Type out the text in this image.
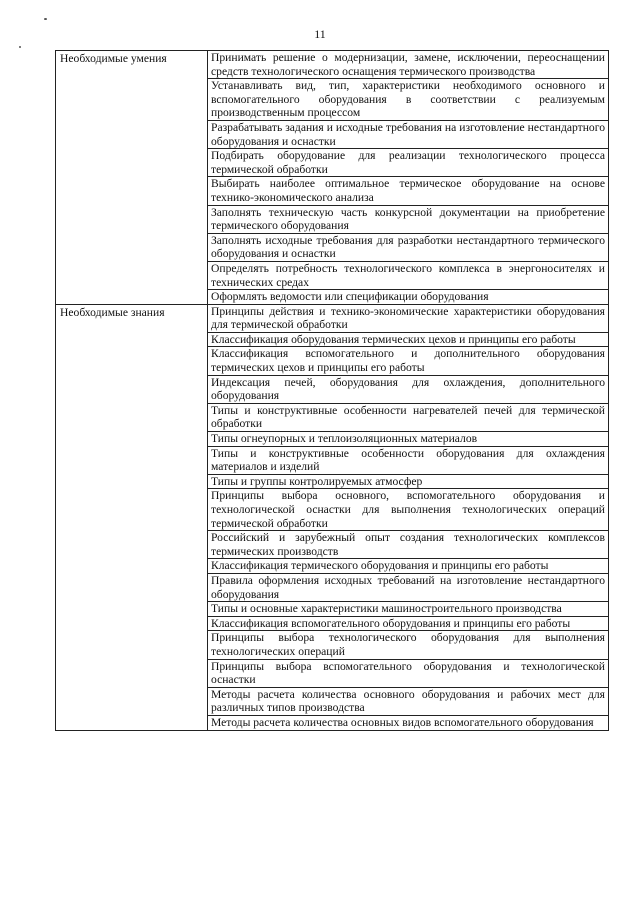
11
Необходимые умения	Принимать решение о модернизации, замене, исключении, переоснащении средств технологического оснащения термического производства
	Устанавливать вид, тип, характеристики необходимого основного и вспомогательного оборудования в соответствии с реализуемым производственным процессом
	Разрабатывать задания и исходные требования на изготовление нестандартного оборудования и оснастки
	Подбирать оборудование для реализации технологического процесса термической обработки
	Выбирать наиболее оптимальное термическое оборудование на основе технико-экономического анализа
	Заполнять техническую часть конкурсной документации на приобретение термического оборудования
	Заполнять исходные требования для разработки нестандартного термического оборудования и оснастки
	Определять потребность технологического комплекса в энергоносителях и технических средах
	Оформлять ведомости или спецификации оборудования
Необходимые знания	Принципы действия и технико-экономические характеристики оборудования для термической обработки
	Классификация оборудования термических цехов и принципы его работы
	Классификация вспомогательного и дополнительного оборудования термических цехов и принципы его работы
	Индексация печей, оборудования для охлаждения, дополнительного оборудования
	Типы и конструктивные особенности нагревателей печей для термической обработки
	Типы огнеупорных и теплоизоляционных материалов
	Типы и конструктивные особенности оборудования для охлаждения материалов и изделий
	Типы и группы контролируемых атмосфер
	Принципы выбора основного, вспомогательного оборудования и технологической оснастки для выполнения технологических операций термической обработки
	Российский и зарубежный опыт создания технологических комплексов термических производств
	Классификация термического оборудования и принципы его работы
	Правила оформления исходных требований на изготовление нестандартного оборудования
	Типы и основные характеристики машиностроительного производства
	Классификация вспомогательного оборудования и принципы его работы
	Принципы выбора технологического оборудования для выполнения технологических операций
	Принципы выбора вспомогательного оборудования и технологической оснастки
	Методы расчета количества основного оборудования и рабочих мест для различных типов производства
	Методы расчета количества основных видов вспомогательного оборудования
